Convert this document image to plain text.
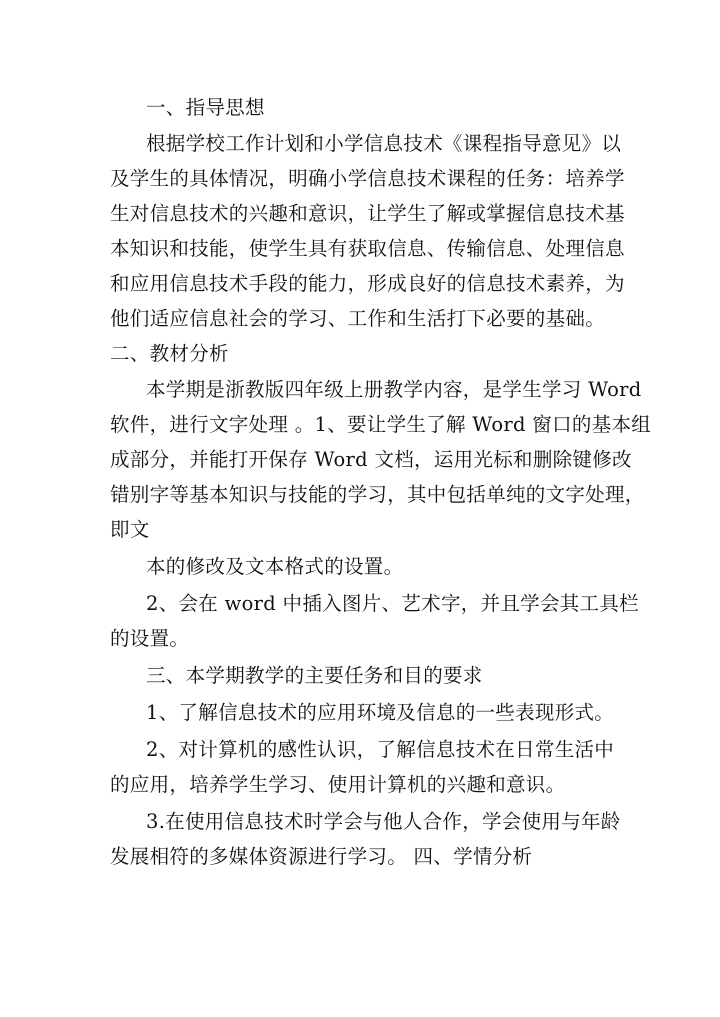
一、指导思想
根据学校工作计划和小学信息技术《课程指导意见》以
及学生的具体情况，明确小学信息技术课程的任务：培养学
生对信息技术的兴趣和意识，让学生了解或掌握信息技术基
本知识和技能，使学生具有获取信息、传输信息、处理信息
和应用信息技术手段的能力，形成良好的信息技术素养，为
他们适应信息社会的学习、工作和生活打下必要的基础。
二、教材分析
本学期是浙教版四年级上册教学内容，是学生学习 Word
软件，进行文字处理 。1、要让学生了解 Word 窗口的基本组
成部分，并能打开保存 Word 文档，运用光标和删除键修改
错别字等基本知识与技能的学习，其中包括单纯的文字处理，
即文
本的修改及文本格式的设置。
2、会在 word 中插入图片、艺术字，并且学会其工具栏
的设置。
三、本学期教学的主要任务和目的要求
1、了解信息技术的应用环境及信息的一些表现形式。
2、对计算机的感性认识，了解信息技术在日常生活中
的应用，培养学生学习、使用计算机的兴趣和意识。
3.在使用信息技术时学会与他人合作，学会使用与年龄
发展相符的多媒体资源进行学习。 四、学情分析
